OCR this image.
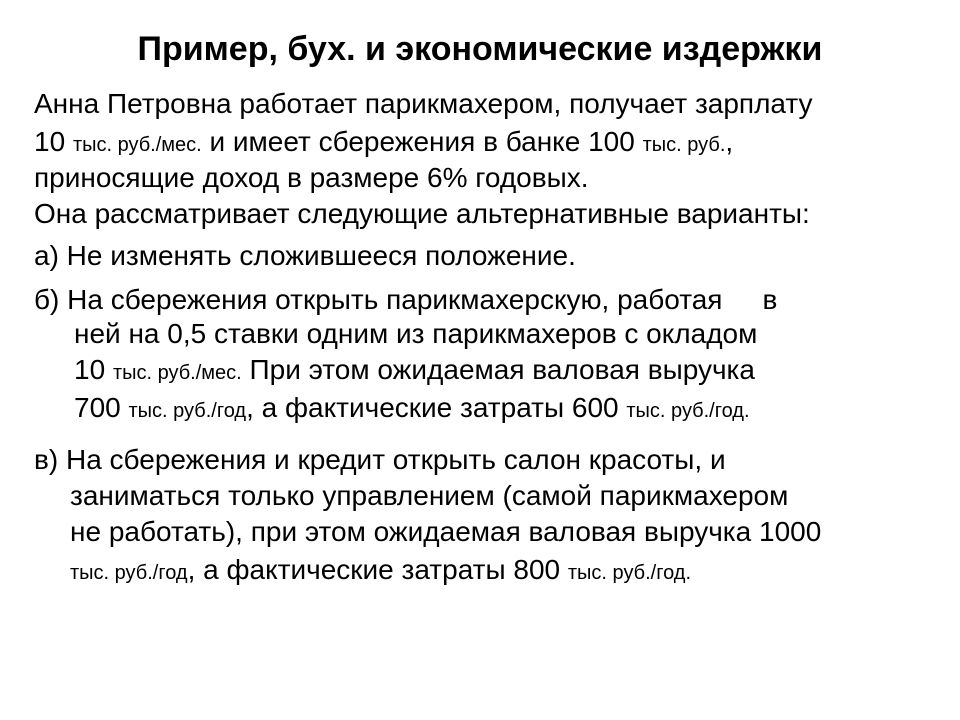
Пример, бух. и экономические издержки
Анна Петровна работает парикмахером, получает зарплату
10 тыс. руб./мес. и имеет сбережения в банке 100 тыс. руб.,
приносящие доход в размере 6% годовых.
Она рассматривает следующие альтернативные варианты:
а) Не изменять сложившееся положение.
б) На сбережения открыть парикмахерскую, работая в
ней на 0,5 ставки одним из парикмахеров с окладом
10 тыс. руб./мес. При этом ожидаемая валовая выручка
700 тыс. руб./год, а фактические затраты 600 тыс. руб./год.
в) На сбережения и кредит открыть салон красоты, и
заниматься только управлением (самой парикмахером
не работать), при этом ожидаемая валовая выручка 1000
тыс. руб./год, а фактические затраты 800 тыс. руб./год.
